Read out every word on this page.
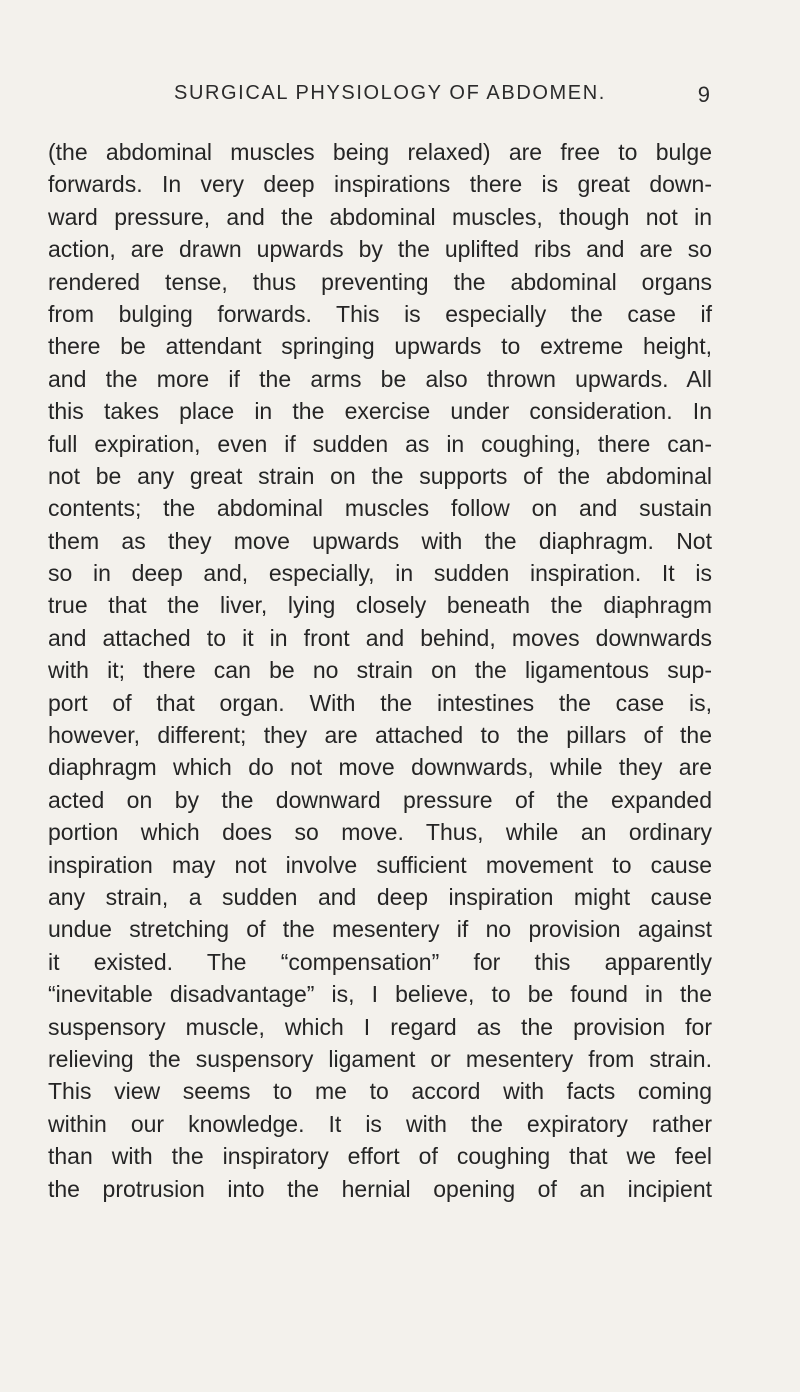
SURGICAL PHYSIOLOGY OF ABDOMEN.	9
(the abdominal muscles being relaxed) are free to bulge
forwards. In very deep inspirations there is great down-
ward pressure, and the abdominal muscles, though not in
action, are drawn upwards by the uplifted ribs and are so
rendered tense, thus preventing the abdominal organs
from bulging forwards. This is especially the case if
there be attendant springing upwards to extreme height,
and the more if the arms be also thrown upwards. All
this takes place in the exercise under consideration. In
full expiration, even if sudden as in coughing, there can-
not be any great strain on the supports of the abdominal
contents; the abdominal muscles follow on and sustain
them as they move upwards with the diaphragm. Not
so in deep and, especially, in sudden inspiration. It is
true that the liver, lying closely beneath the diaphragm
and attached to it in front and behind, moves downwards
with it; there can be no strain on the ligamentous sup-
port of that organ. With the intestines the case is,
however, different; they are attached to the pillars of the
diaphragm which do not move downwards, while they are
acted on by the downward pressure of the expanded
portion which does so move. Thus, while an ordinary
inspiration may not involve sufficient movement to cause
any strain, a sudden and deep inspiration might cause
undue stretching of the mesentery if no provision against
it existed. The “compensation” for this apparently
“inevitable disadvantage” is, I believe, to be found in the
suspensory muscle, which I regard as the provision for
relieving the suspensory ligament or mesentery from strain.
This view seems to me to accord with facts coming
within our knowledge. It is with the expiratory rather
than with the inspiratory effort of coughing that we feel
the protrusion into the hernial opening of an incipient
